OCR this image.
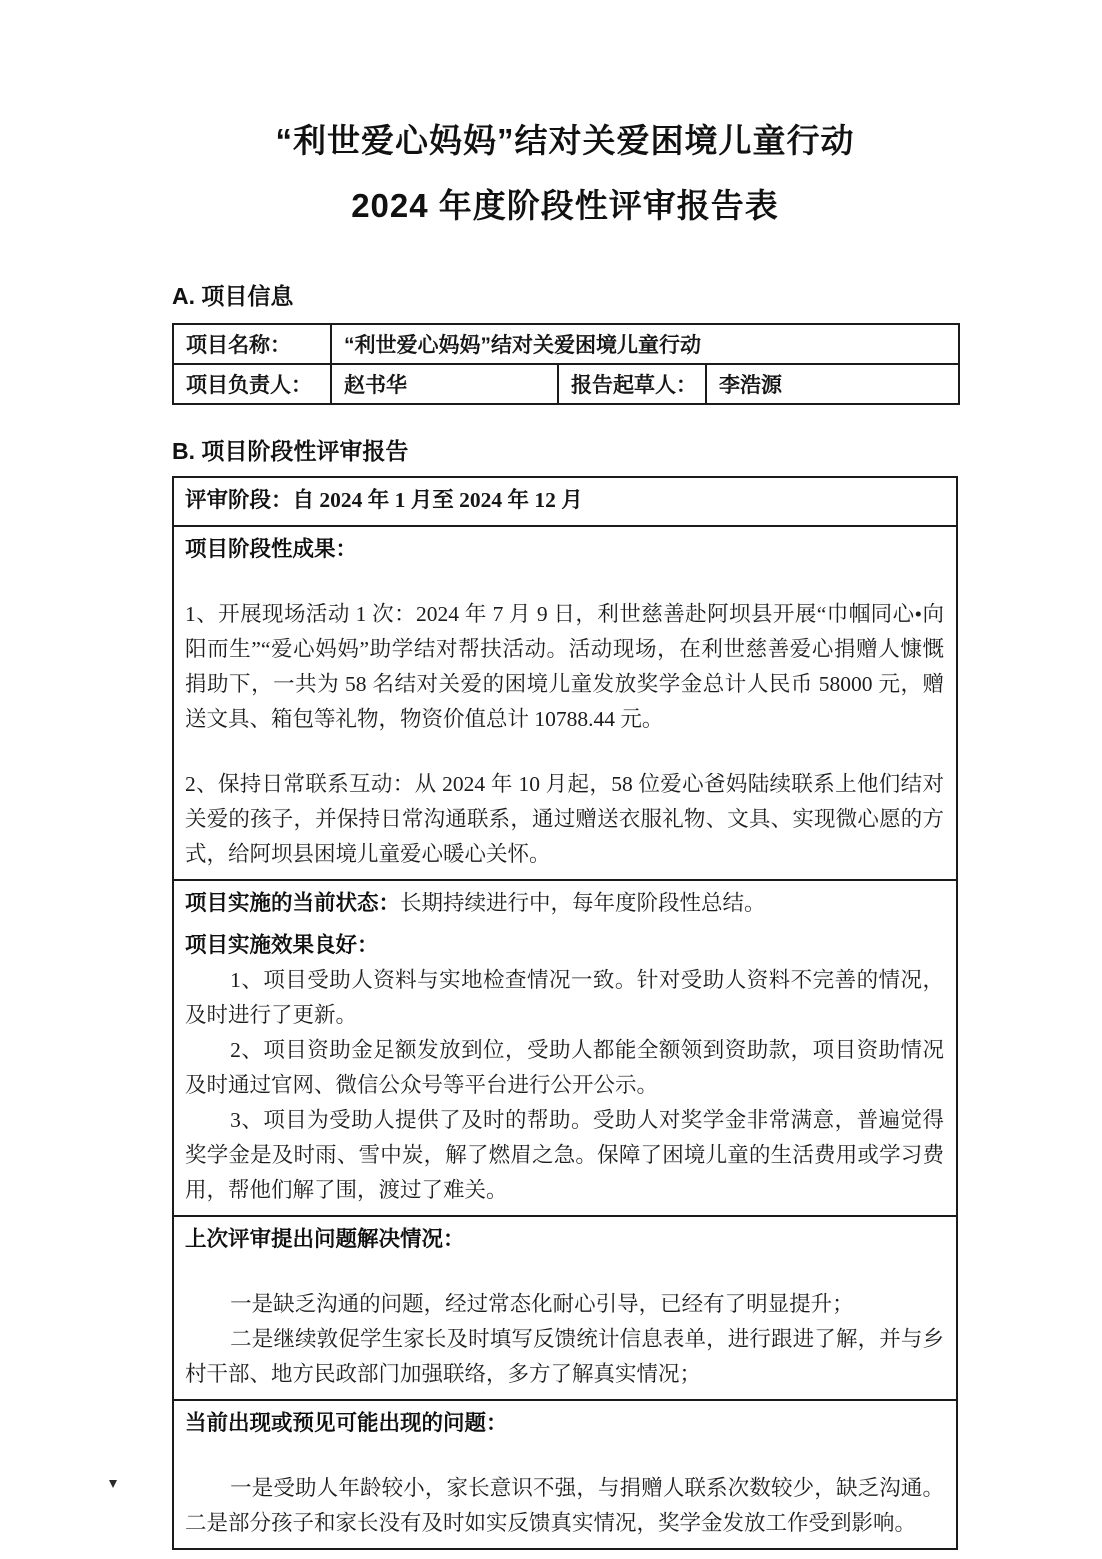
“利世爱心妈妈”结对关爱困境儿童行动
2024 年度阶段性评审报告表
A. 项目信息
项目名称：	“利世爱心妈妈”结对关爱困境儿童行动		
项目负责人：	赵书华	报告起草人：	李浩源
B. 项目阶段性评审报告
评审阶段：自 2024 年 1 月至 2024 年 12 月

项目阶段性成果：

1、开展现场活动 1 次：2024 年 7 月 9 日，利世慈善赴阿坝县开展“巾帼同心•向阳而生”“爱心妈妈”助学结对帮扶活动。活动现场，在利世慈善爱心捐赠人慷慨捐助下，一共为 58 名结对关爱的困境儿童发放奖学金总计人民币 58000 元，赠送文具、箱包等礼物，物资价值总计 10788.44 元。

2、保持日常联系互动：从 2024 年 10 月起，58 位爱心爸妈陆续联系上他们结对关爱的孩子，并保持日常沟通联系，通过赠送衣服礼物、文具、实现微心愿的方式，给阿坝县困境儿童爱心暖心关怀。

项目实施的当前状态：长期持续进行中，每年度阶段性总结。

项目实施效果良好：

1、项目受助人资料与实地检查情况一致。针对受助人资料不完善的情况，及时进行了更新。

2、项目资助金足额发放到位，受助人都能全额领到资助款，项目资助情况及时通过官网、微信公众号等平台进行公开公示。

3、项目为受助人提供了及时的帮助。受助人对奖学金非常满意，普遍觉得奖学金是及时雨、雪中炭，解了燃眉之急。保障了困境儿童的生活费用或学习费用，帮他们解了围，渡过了难关。

上次评审提出问题解决情况：

一是缺乏沟通的问题，经过常态化耐心引导，已经有了明显提升；

二是继续敦促学生家长及时填写反馈统计信息表单，进行跟进了解，并与乡村干部、地方民政部门加强联络，多方了解真实情况；

当前出现或预见可能出现的问题：

一是受助人年龄较小，家长意识不强，与捐赠人联系次数较少，缺乏沟通。二是部分孩子和家长没有及时如实反馈真实情况，奖学金发放工作受到影响。
